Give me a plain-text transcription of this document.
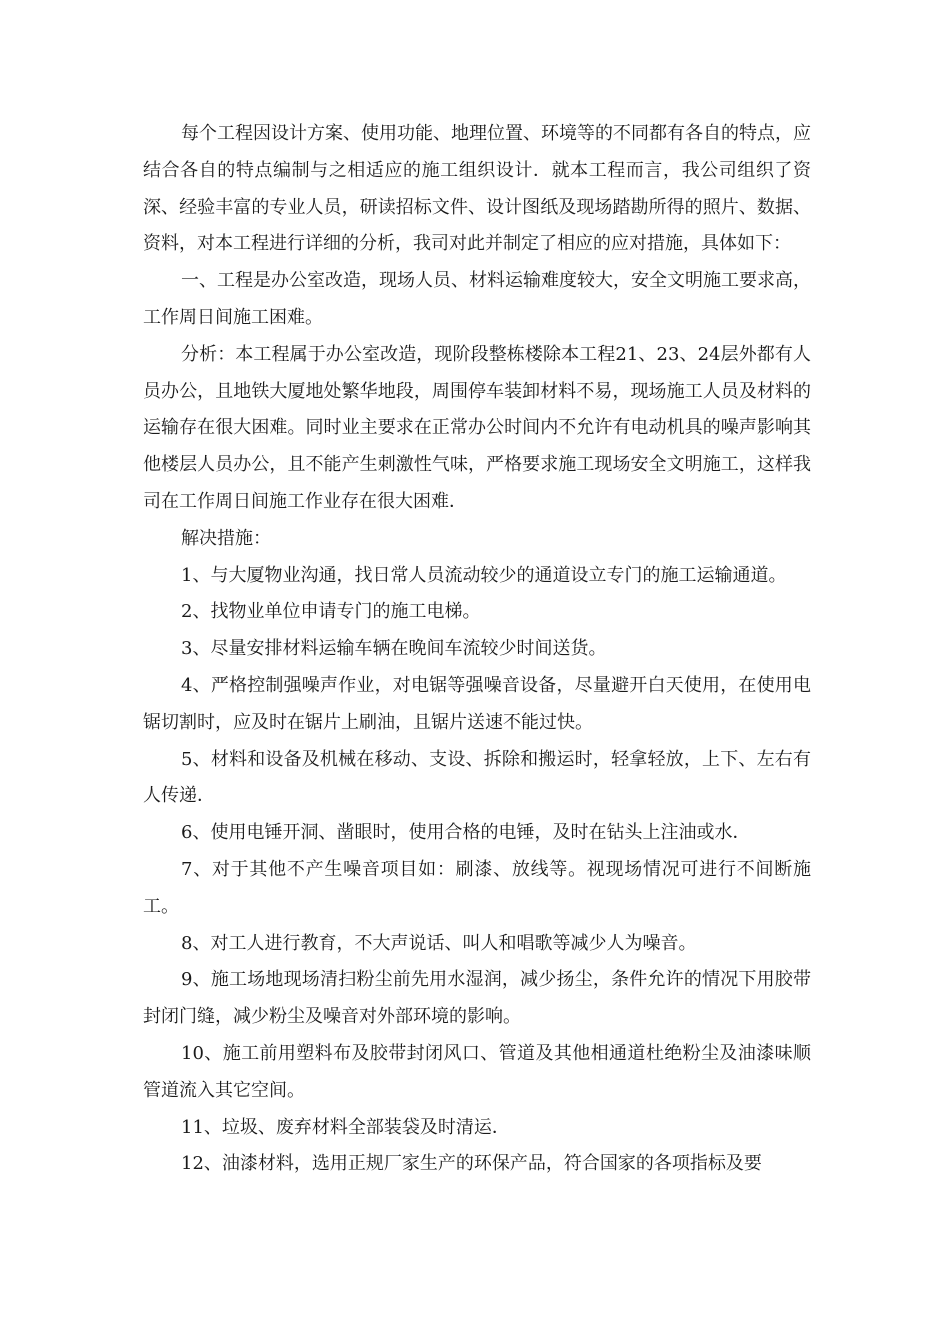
每个工程因设计方案、使用功能、地理位置、环境等的不同都有各自的特点，应结合各自的特点编制与之相适应的施工组织设计．就本工程而言，我公司组织了资深、经验丰富的专业人员，研读招标文件、设计图纸及现场踏勘所得的照片、数据、资料，对本工程进行详细的分析，我司对此并制定了相应的应对措施，具体如下：

一、工程是办公室改造，现场人员、材料运输难度较大，安全文明施工要求高，工作周日间施工困难。

分析：本工程属于办公室改造，现阶段整栋楼除本工程21、23、24层外都有人员办公，且地铁大厦地处繁华地段，周围停车装卸材料不易，现场施工人员及材料的运输存在很大困难。同时业主要求在正常办公时间内不允许有电动机具的噪声影响其他楼层人员办公，且不能产生刺激性气味，严格要求施工现场安全文明施工，这样我司在工作周日间施工作业存在很大困难．

解决措施：

1、与大厦物业沟通，找日常人员流动较少的通道设立专门的施工运输通道。

2、找物业单位申请专门的施工电梯。

3、尽量安排材料运输车辆在晚间车流较少时间送货。

4、严格控制强噪声作业，对电锯等强噪音设备，尽量避开白天使用，在使用电锯切割时，应及时在锯片上刷油，且锯片送速不能过快。

5、材料和设备及机械在移动、支设、拆除和搬运时，轻拿轻放，上下、左右有人传递．

6、使用电锤开洞、凿眼时，使用合格的电锤，及时在钻头上注油或水．

7、对于其他不产生噪音项目如：刷漆、放线等。视现场情况可进行不间断施工。

8、对工人进行教育，不大声说话、叫人和唱歌等减少人为噪音。

9、施工场地现场清扫粉尘前先用水湿润，减少扬尘，条件允许的情况下用胶带封闭门缝，减少粉尘及噪音对外部环境的影响。

10、施工前用塑料布及胶带封闭风口、管道及其他相通道杜绝粉尘及油漆味顺管道流入其它空间。

11、垃圾、废弃材料全部装袋及时清运．

12、油漆材料，选用正规厂家生产的环保产品，符合国家的各项指标及要
